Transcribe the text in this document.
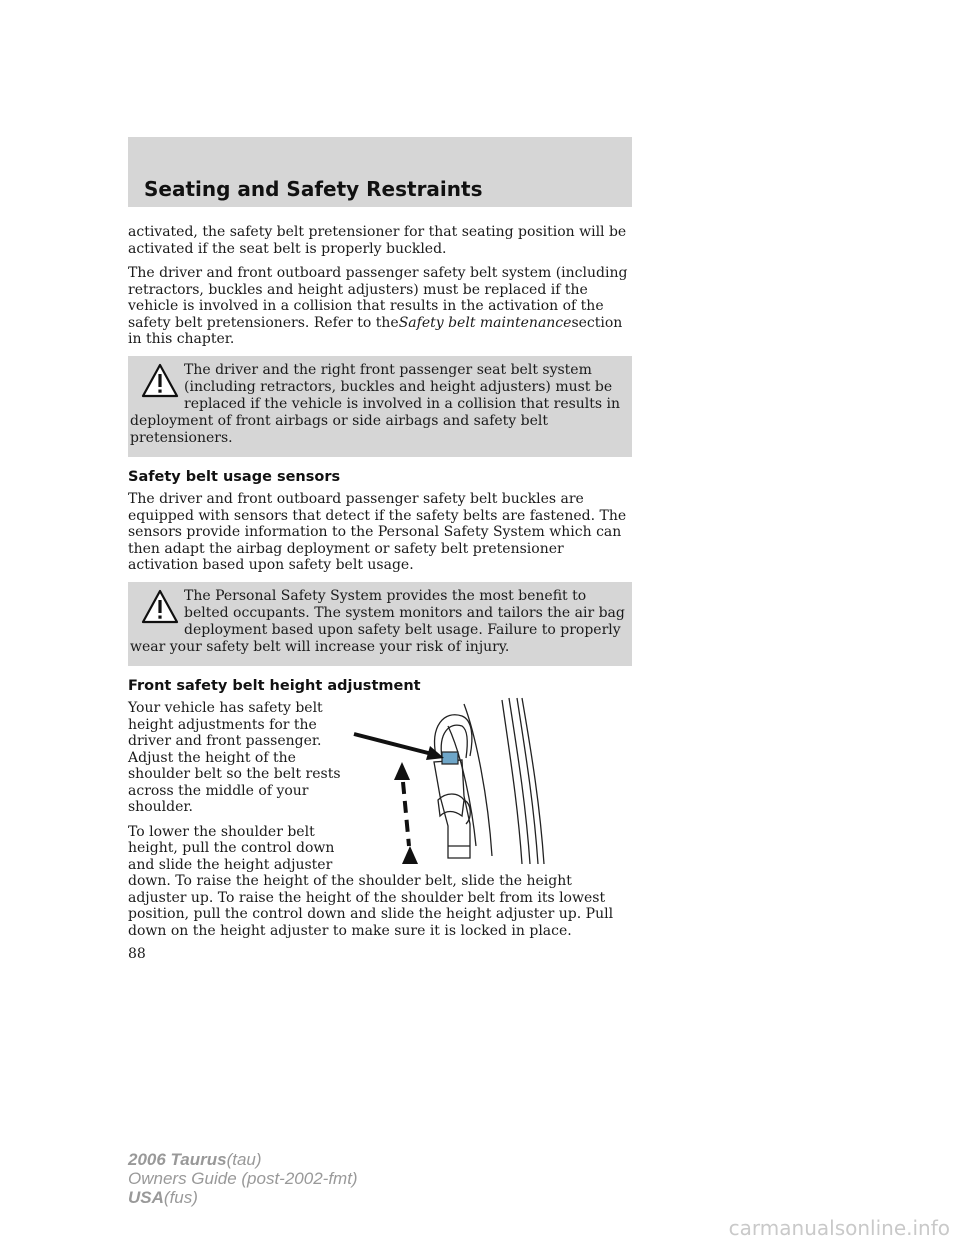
Seating and Safety Restraints

activated, the safety belt pretensioner for that seating position will be activated if the seat belt is properly buckled.

The driver and front outboard passenger safety belt system (including retractors, buckles and height adjusters) must be replaced if the vehicle is involved in a collision that results in the activation of the safety belt pretensioners. Refer to theSafety belt maintenancesection in this chapter.

The driver and the right front passenger seat belt system (including retractors, buckles and height adjusters) must be replaced if the vehicle is involved in a collision that results in deployment of front airbags or side airbags and safety belt pretensioners.

Safety belt usage sensors

The driver and front outboard passenger safety belt buckles are equipped with sensors that detect if the safety belts are fastened. The sensors provide information to the Personal Safety System which can then adapt the airbag deployment or safety belt pretensioner activation based upon safety belt usage.

The Personal Safety System provides the most benefit to belted occupants. The system monitors and tailors the air bag deployment based upon safety belt usage. Failure to properly wear your safety belt will increase your risk of injury.

Front safety belt height adjustment

Your vehicle has safety belt height adjustments for the driver and front passenger. Adjust the height of the shoulder belt so the belt rests across the middle of your shoulder.

To lower the shoulder belt height, pull the control down and slide the height adjuster down. To raise the height of the shoulder belt, slide the height adjuster up. To raise the height of the shoulder belt from its lowest position, pull the control down and slide the height adjuster up. Pull down on the height adjuster to make sure it is locked in place.

88

2006 Taurus(tau)
Owners Guide (post-2002-fmt)
USA(fus)
carmanualsonline.info
